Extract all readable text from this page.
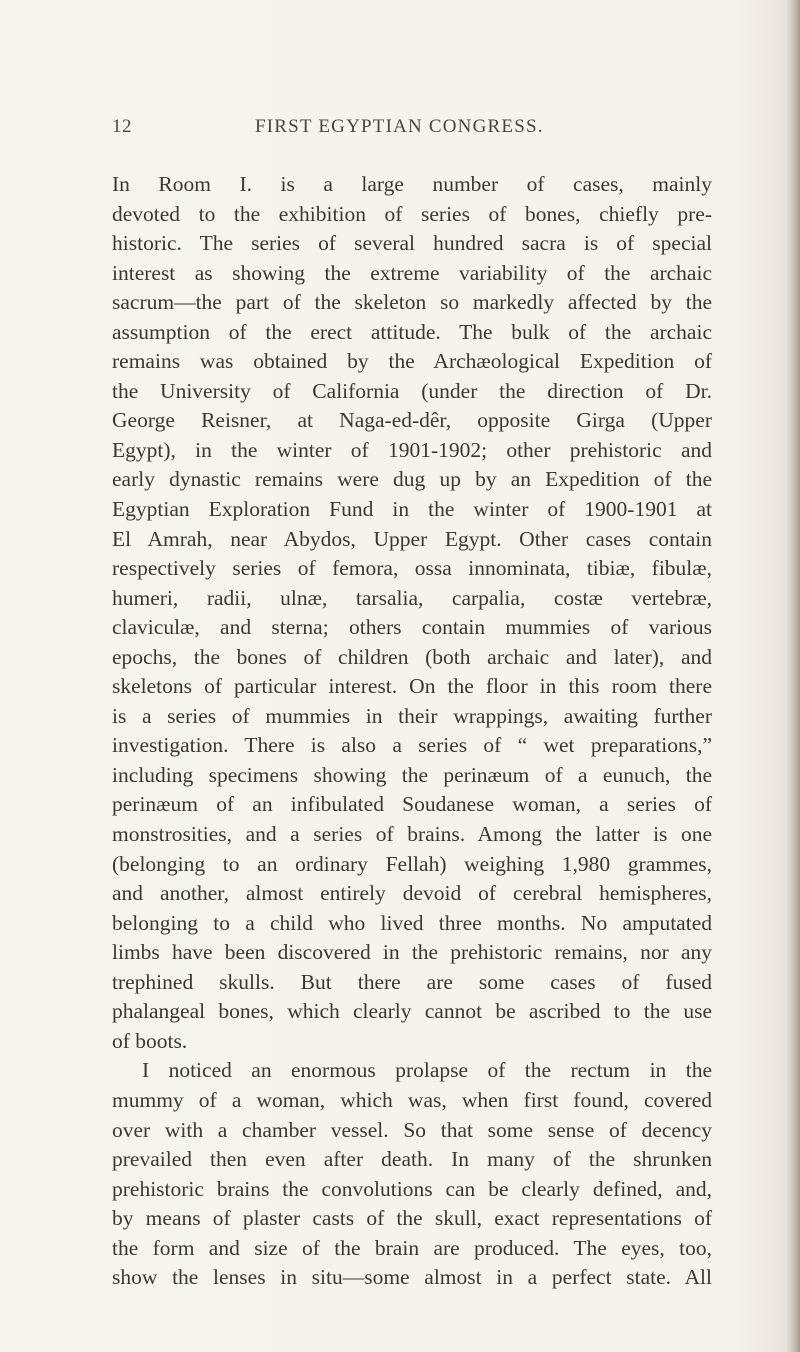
12	FIRST EGYPTIAN CONGRESS.
In Room I. is a large number of cases, mainly
devoted to the exhibition of series of bones, chiefly pre-
historic. The series of several hundred sacra is of special
interest as showing the extreme variability of the archaic
sacrum—the part of the skeleton so markedly affected by the
assumption of the erect attitude. The bulk of the archaic
remains was obtained by the Archæological Expedition of
the University of California (under the direction of Dr.
George Reisner, at Naga-ed-dêr, opposite Girga (Upper
Egypt), in the winter of 1901-1902; other prehistoric and
early dynastic remains were dug up by an Expedition of the
Egyptian Exploration Fund in the winter of 1900-1901 at
El Amrah, near Abydos, Upper Egypt. Other cases contain
respectively series of femora, ossa innominata, tibiæ, fibulæ,
humeri, radii, ulnæ, tarsalia, carpalia, costæ vertebræ,
claviculæ, and sterna; others contain mummies of various
epochs, the bones of children (both archaic and later), and
skeletons of particular interest. On the floor in this room there
is a series of mummies in their wrappings, awaiting further
investigation. There is also a series of “ wet preparations,”
including specimens showing the perinæum of a eunuch, the
perinæum of an infibulated Soudanese woman, a series of
monstrosities, and a series of brains. Among the latter is one
(belonging to an ordinary Fellah) weighing 1,980 grammes,
and another, almost entirely devoid of cerebral hemispheres,
belonging to a child who lived three months. No amputated
limbs have been discovered in the prehistoric remains, nor any
trephined skulls. But there are some cases of fused
phalangeal bones, which clearly cannot be ascribed to the use
of boots.
I noticed an enormous prolapse of the rectum in the
mummy of a woman, which was, when first found, covered
over with a chamber vessel. So that some sense of decency
prevailed then even after death. In many of the shrunken
prehistoric brains the convolutions can be clearly defined, and,
by means of plaster casts of the skull, exact representations of
the form and size of the brain are produced. The eyes, too,
show the lenses in situ—some almost in a perfect state. All
